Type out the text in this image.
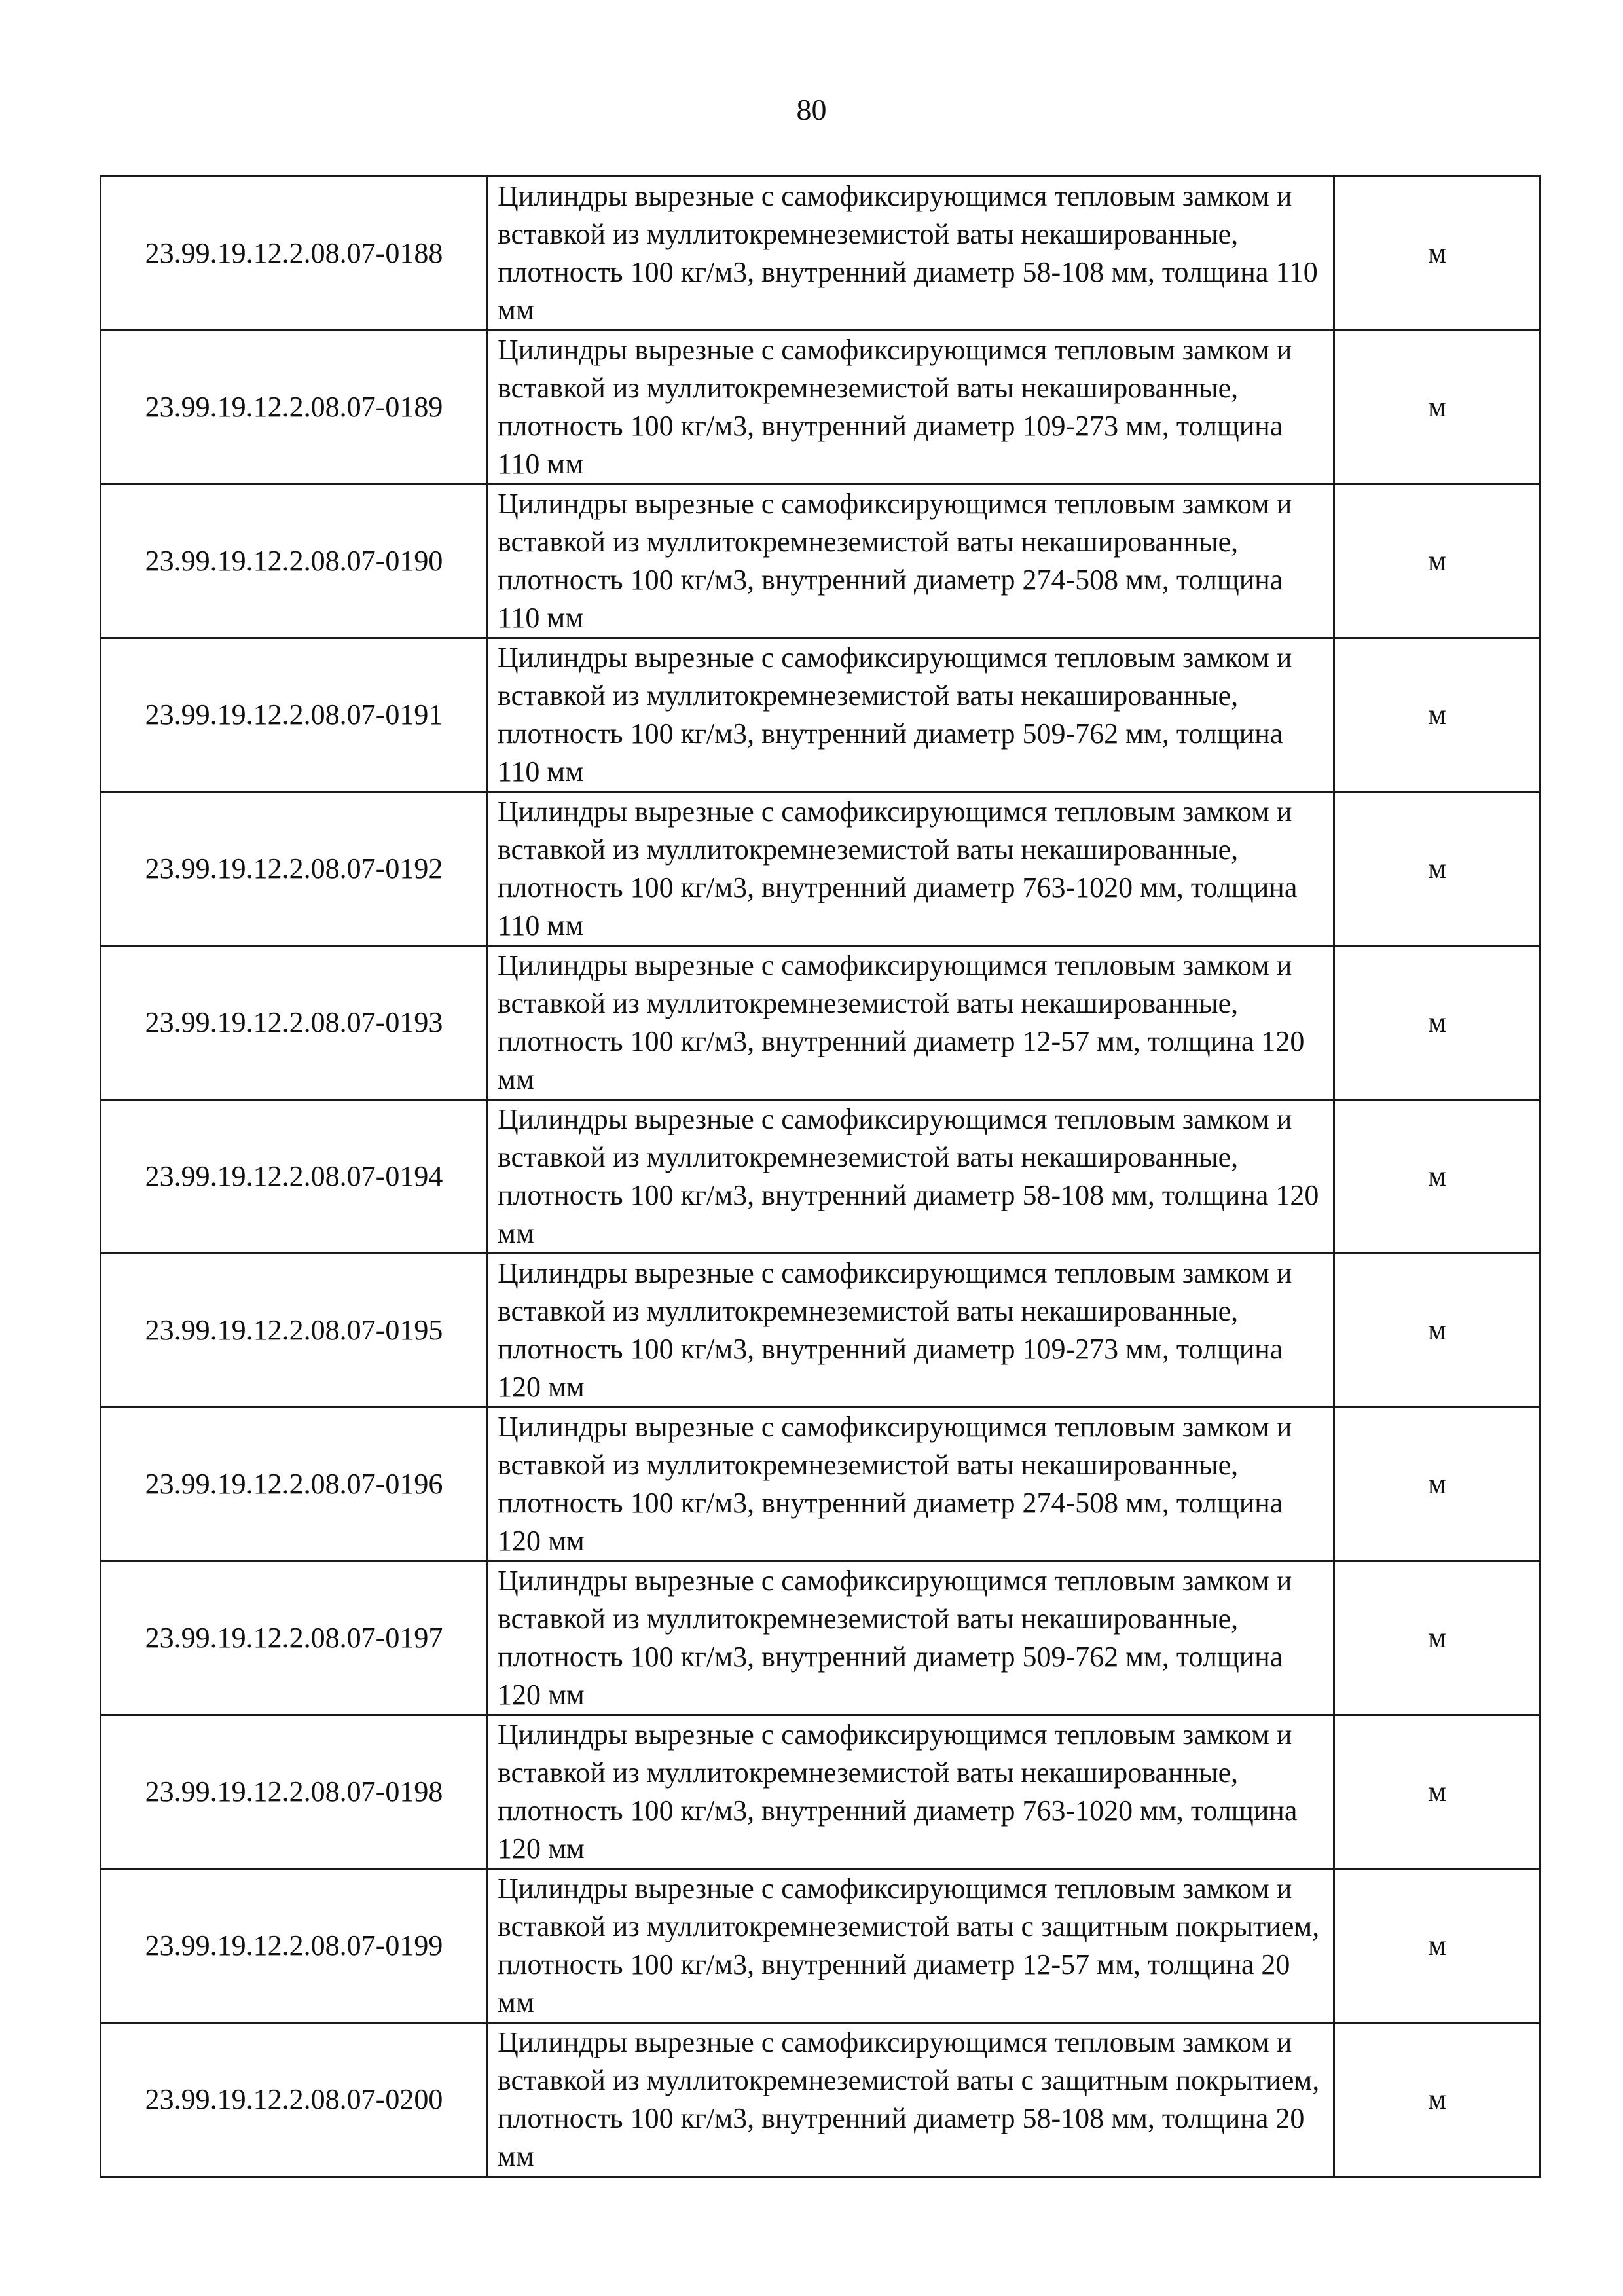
80
23.99.19.12.2.08.07-0188	Цилиндры вырезные с самофиксирующимся тепловым замком и вставкой из муллитокремнеземистой ваты некашированные, плотность 100 кг/м3, внутренний диаметр 58-108 мм, толщина 110 мм	м
23.99.19.12.2.08.07-0189	Цилиндры вырезные с самофиксирующимся тепловым замком и вставкой из муллитокремнеземистой ваты некашированные, плотность 100 кг/м3, внутренний диаметр 109-273 мм, толщина 110 мм	м
23.99.19.12.2.08.07-0190	Цилиндры вырезные с самофиксирующимся тепловым замком и вставкой из муллитокремнеземистой ваты некашированные, плотность 100 кг/м3, внутренний диаметр 274-508 мм, толщина 110 мм	м
23.99.19.12.2.08.07-0191	Цилиндры вырезные с самофиксирующимся тепловым замком и вставкой из муллитокремнеземистой ваты некашированные, плотность 100 кг/м3, внутренний диаметр 509-762 мм, толщина 110 мм	м
23.99.19.12.2.08.07-0192	Цилиндры вырезные с самофиксирующимся тепловым замком и вставкой из муллитокремнеземистой ваты некашированные, плотность 100 кг/м3, внутренний диаметр 763-1020 мм, толщина 110 мм	м
23.99.19.12.2.08.07-0193	Цилиндры вырезные с самофиксирующимся тепловым замком и вставкой из муллитокремнеземистой ваты некашированные, плотность 100 кг/м3, внутренний диаметр 12-57 мм, толщина 120 мм	м
23.99.19.12.2.08.07-0194	Цилиндры вырезные с самофиксирующимся тепловым замком и вставкой из муллитокремнеземистой ваты некашированные, плотность 100 кг/м3, внутренний диаметр 58-108 мм, толщина 120 мм	м
23.99.19.12.2.08.07-0195	Цилиндры вырезные с самофиксирующимся тепловым замком и вставкой из муллитокремнеземистой ваты некашированные, плотность 100 кг/м3, внутренний диаметр 109-273 мм, толщина 120 мм	м
23.99.19.12.2.08.07-0196	Цилиндры вырезные с самофиксирующимся тепловым замком и вставкой из муллитокремнеземистой ваты некашированные, плотность 100 кг/м3, внутренний диаметр 274-508 мм, толщина 120 мм	м
23.99.19.12.2.08.07-0197	Цилиндры вырезные с самофиксирующимся тепловым замком и вставкой из муллитокремнеземистой ваты некашированные, плотность 100 кг/м3, внутренний диаметр 509-762 мм, толщина 120 мм	м
23.99.19.12.2.08.07-0198	Цилиндры вырезные с самофиксирующимся тепловым замком и вставкой из муллитокремнеземистой ваты некашированные, плотность 100 кг/м3, внутренний диаметр 763-1020 мм, толщина 120 мм	м
23.99.19.12.2.08.07-0199	Цилиндры вырезные с самофиксирующимся тепловым замком и вставкой из муллитокремнеземистой ваты с защитным покрытием, плотность 100 кг/м3, внутренний диаметр 12-57 мм, толщина 20 мм	м
23.99.19.12.2.08.07-0200	Цилиндры вырезные с самофиксирующимся тепловым замком и вставкой из муллитокремнеземистой ваты с защитным покрытием, плотность 100 кг/м3, внутренний диаметр 58-108 мм, толщина 20 мм	м
